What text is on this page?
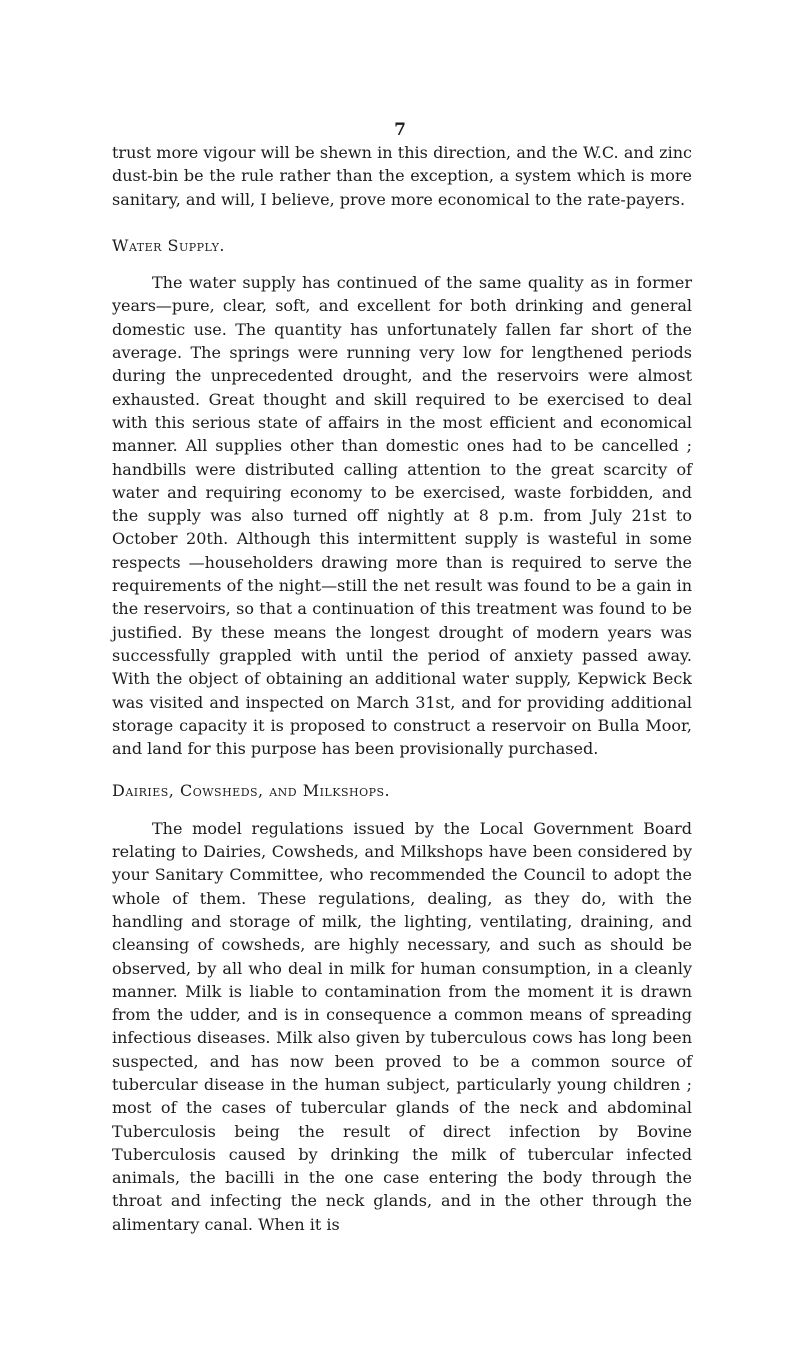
7

trust more vigour will be shewn in this direction, and the W.C. and zinc dust-bin be the rule rather than the exception, a system which is more sanitary, and will, I believe, prove more economical to the rate-payers.

Water Supply.

The water supply has continued of the same quality as in former years—pure, clear, soft, and excellent for both drinking and general domestic use. The quantity has unfortunately fallen far short of the average. The springs were running very low for lengthened periods during the unprecedented drought, and the reservoirs were almost exhausted. Great thought and skill required to be exercised to deal with this serious state of affairs in the most efficient and economical manner. All supplies other than domestic ones had to be cancelled ; handbills were distributed calling attention to the great scarcity of water and requiring economy to be exercised, waste forbidden, and the supply was also turned off nightly at 8 p.m. from July 21st to October 20th. Although this intermittent supply is wasteful in some respects —householders drawing more than is required to serve the requirements of the night—still the net result was found to be a gain in the reservoirs, so that a continuation of this treatment was found to be justified. By these means the longest drought of modern years was successfully grappled with until the period of anxiety passed away. With the object of obtaining an additional water supply, Kepwick Beck was visited and inspected on March 31st, and for providing additional storage capacity it is proposed to construct a reservoir on Bulla Moor, and land for this purpose has been provisionally purchased.

Dairies, Cowsheds, and Milkshops.

The model regulations issued by the Local Government Board relating to Dairies, Cowsheds, and Milkshops have been considered by your Sanitary Committee, who recommended the Council to adopt the whole of them. These regulations, dealing, as they do, with the handling and storage of milk, the lighting, ventilating, draining, and cleansing of cowsheds, are highly necessary, and such as should be observed, by all who deal in milk for human consumption, in a cleanly manner. Milk is liable to contamination from the moment it is drawn from the udder, and is in consequence a common means of spreading infectious diseases. Milk also given by tuberculous cows has long been suspected, and has now been proved to be a common source of tubercular disease in the human subject, particularly young children ; most of the cases of tubercular glands of the neck and abdominal Tuberculosis being the result of direct infection by Bovine Tuberculosis caused by drinking the milk of tubercular infected animals, the bacilli in the one case entering the body through the throat and infecting the neck glands, and in the other through the alimentary canal. When it is
